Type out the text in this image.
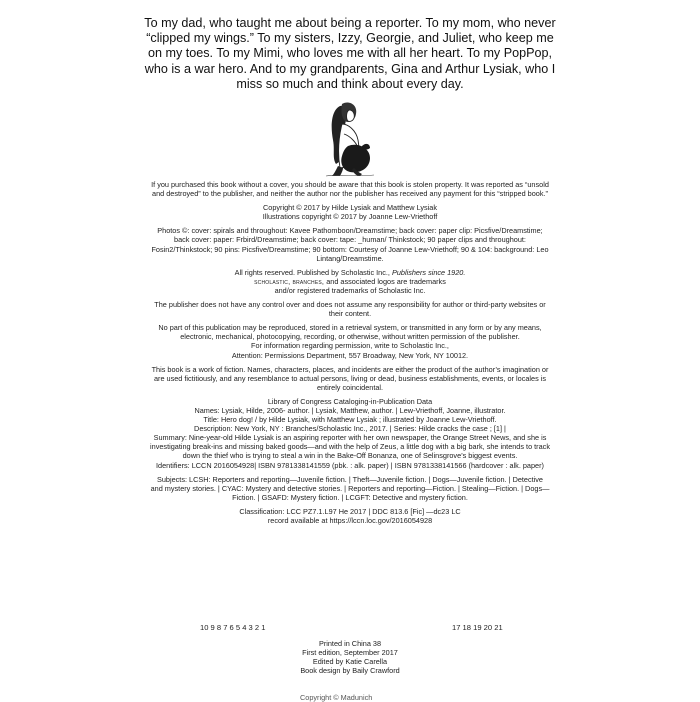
To my dad, who taught me about being a reporter. To my mom, who never “clipped my wings.” To my sisters, Izzy, Georgie, and Juliet, who keep me on my toes. To my Mimi, who loves me with all her heart. To my PopPop, who is a war hero. And to my grandparents, Gina and Arthur Lysiak, who I miss so much and think about every day.

If you purchased this book without a cover, you should be aware that this book is stolen property. It was reported as “unsold and destroyed” to the publisher, and neither the author nor the publisher has received any payment for this “stripped book.”

Copyright © 2017 by Hilde Lysiak and Matthew Lysiak

Illustrations copyright © 2017 by Joanne Lew-Vriethoff

Photos ©: cover: spirals and throughout: Kavee Pathomboon/Dreamstime; back cover: paper clip: Picsfive/Dreamstime; back cover: paper: Frbird/Dreamstime; back cover: tape: _human/ Thinkstock; 90 paper clips and throughout: Fosin2/Thinkstock; 90 pins: Picsfive/Dreamstime; 90 bottom: Courtesy of Joanne Lew-Vriethoff; 90 & 104: background: Leo Lintang/Dreamstime.

All rights reserved. Published by Scholastic Inc., Publishers since 1920.

scholastic, branches, and associated logos are trademarks

and/or registered trademarks of Scholastic Inc.

The publisher does not have any control over and does not assume any responsibility for author or third-party websites or their content.

No part of this publication may be reproduced, stored in a retrieval system, or transmitted in any form or by any means, electronic, mechanical, photocopying, recording, or otherwise, without written permission of the publisher.

For information regarding permission, write to Scholastic Inc.,

Attention: Permissions Department, 557 Broadway, New York, NY 10012.

This book is a work of fiction. Names, characters, places, and incidents are either the product of the author’s imagination or are used fictitiously, and any resemblance to actual persons, living or dead, business establishments, events, or locales is entirely coincidental.

Library of Congress Cataloging-in-Publication Data

Names: Lysiak, Hilde, 2006- author. | Lysiak, Matthew, author. | Lew-Vriethoff, Joanne, illustrator.

Title: Hero dog! / by Hilde Lysiak, with Matthew Lysiak ; illustrated by Joanne Lew-Vriethoff.

Description: New York, NY : Branches/Scholastic Inc., 2017. | Series: Hilde cracks the case ; [1] |

Summary: Nine-year-old Hilde Lysiak is an aspiring reporter with her own newspaper, the Orange Street News, and she is investigating break-ins and missing baked goods—and with the help of Zeus, a little dog with a big bark, she intends to track down the thief who is trying to steal a win in the Bake-Off Bonanza, one of Selinsgrove’s biggest events.

Identifiers: LCCN 2016054928| ISBN 9781338141559 (pbk. : alk. paper) | ISBN 9781338141566 (hardcover : alk. paper)

Subjects: LCSH: Reporters and reporting—Juvenile fiction. | Theft—Juvenile fiction. | Dogs—Juvenile fiction. | Detective and mystery stories. | CYAC: Mystery and detective stories. | Reporters and reporting—Fiction. | Stealing—Fiction. | Dogs—Fiction. | GSAFD: Mystery fiction. | LCGFT: Detective and mystery fiction.

Classification: LCC PZ7.1.L97 He 2017 | DDC 813.6 [Fic] —dc23 LC

record available at https://lccn.loc.gov/2016054928

10 9 8 7 6 5 4 3 2 1	17 18 19 20 21

Printed in China 38

First edition, September 2017

Edited by Katie Carella

Book design by Baily Crawford

Copyright © Madunich
